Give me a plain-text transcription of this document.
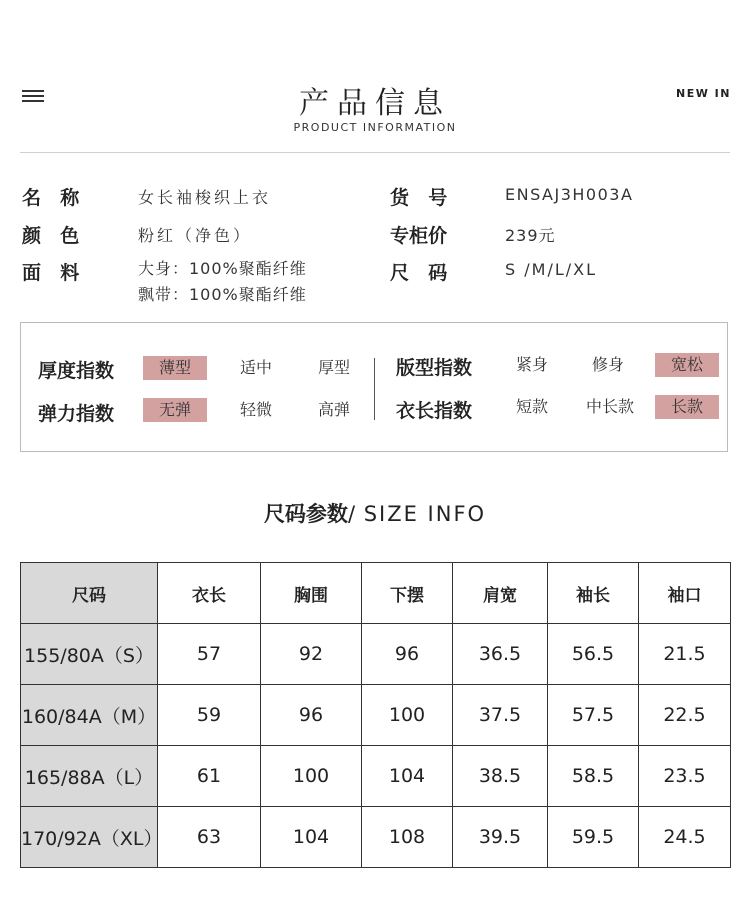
产品信息
PRODUCT INFORMATION
NEW IN
名  称	女长袖梭织上衣
颜  色	粉红（净色）
面  料	大身：100%聚酯纤维
飘带：100%聚酯纤维
货  号	ENSAJ3H003A
专柜价	239元
尺  码	S /M/L/XL
厚度指数	薄型	适中	厚型
弹力指数	无弹	轻微	高弹
版型指数	紧身	修身	宽松
衣长指数	短款	中长款	长款
尺码参数/ SIZE INFO
尺码	衣长	胸围	下摆	肩宽	袖长	袖口
155/80A（S）	57	92	96	36.5	56.5	21.5
160/84A（M）	59	96	100	37.5	57.5	22.5
165/88A（L）	61	100	104	38.5	58.5	23.5
170/92A（XL）	63	104	108	39.5	59.5	24.5
